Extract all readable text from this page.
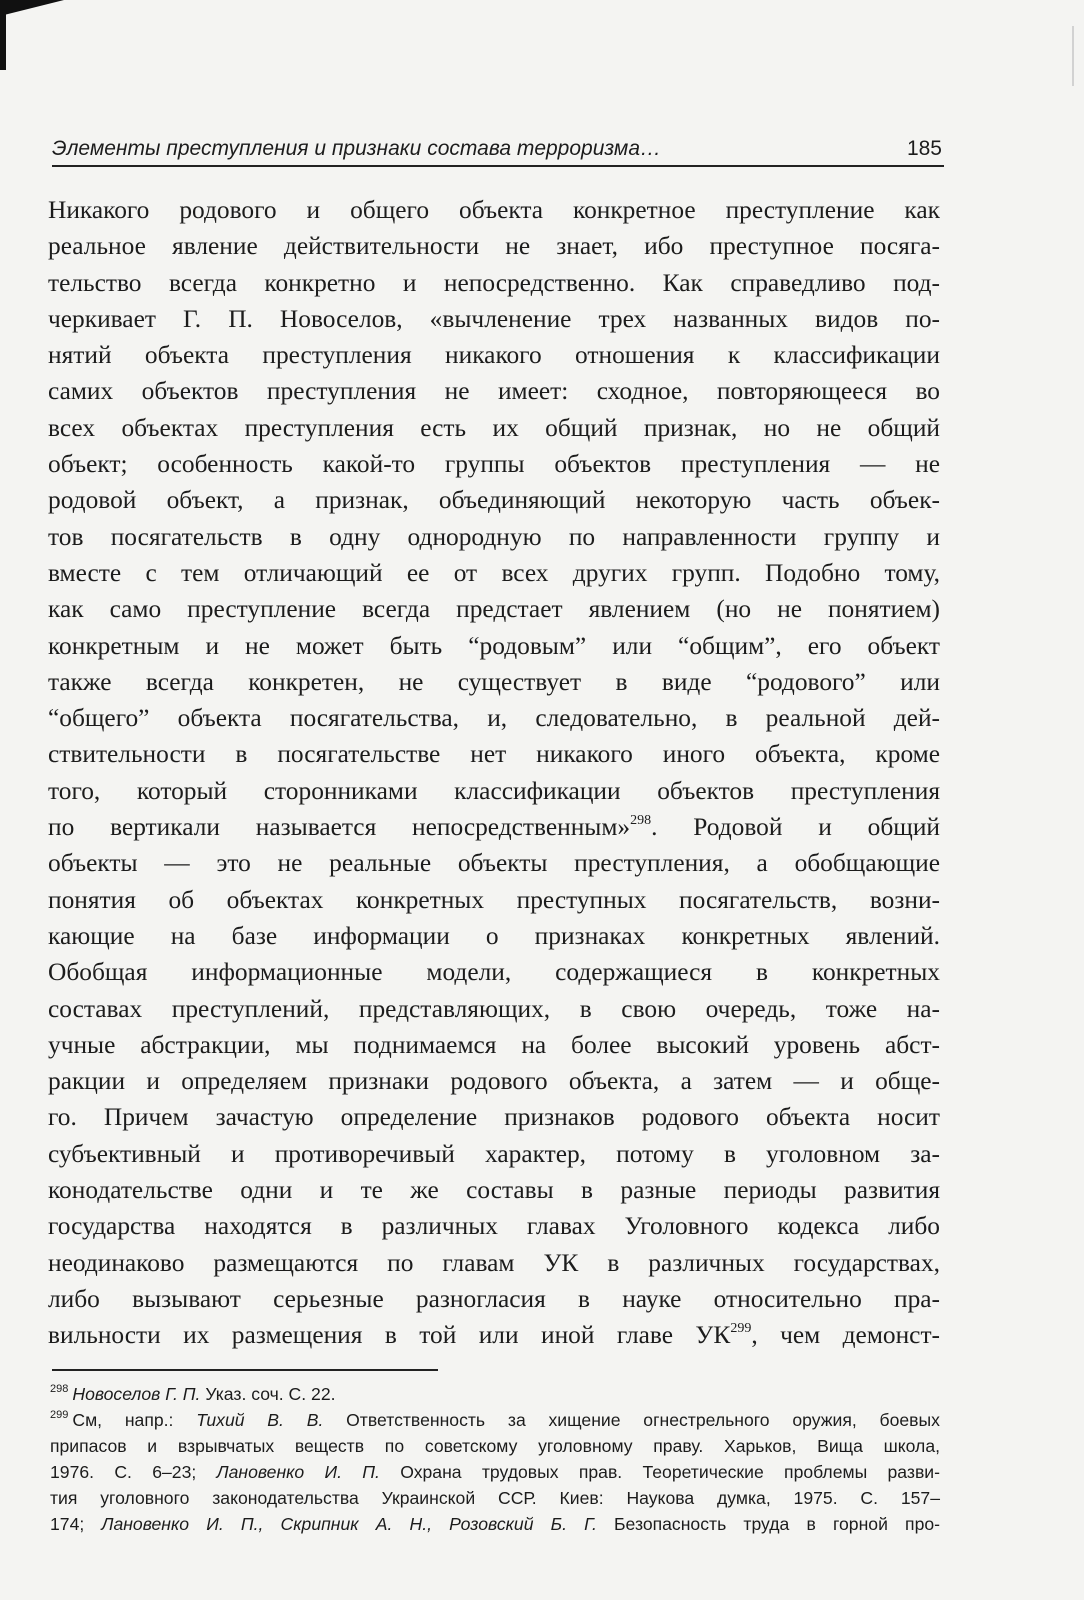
Элементы преступления и признаки состава терроризма…	185
Никакого родового и общего объекта конкретное преступление как
реальное явление действительности не знает, ибо преступное посяга-
тельство всегда конкретно и непосредственно. Как справедливо под-
черкивает Г. П. Новоселов, «вычленение трех названных видов по-
нятий объекта преступления никакого отношения к классификации
самих объектов преступления не имеет: сходное, повторяющееся во
всех объектах преступления есть их общий признак, но не общий
объект; особенность какой-то группы объектов преступления — не
родовой объект, а признак, объединяющий некоторую часть объек-
тов посягательств в одну однородную по направленности группу и
вместе с тем отличающий ее от всех других групп. Подобно тому,
как само преступление всегда предстает явлением (но не понятием)
конкретным и не может быть “родовым” или “общим”, его объект
также всегда конкретен, не существует в виде “родового” или
“общего” объекта посягательства, и, следовательно, в реальной дей-
ствительности в посягательстве нет никакого иного объекта, кроме
того, который сторонниками классификации объектов преступления
по вертикали называется непосредственным»$^{298}$. Родовой и общий
объекты — это не реальные объекты преступления, а обобщающие
понятия об объектах конкретных преступных посягательств, возни-
кающие на базе информации о признаках конкретных явлений.
Обобщая информационные модели, содержащиеся в конкретных
составах преступлений, представляющих, в свою очередь, тоже на-
учные абстракции, мы поднимаемся на более высокий уровень абст-
ракции и определяем признаки родового объекта, а затем — и обще-
го. Причем зачастую определение признаков родового объекта носит
субъективный и противоречивый характер, потому в уголовном за-
конодательстве одни и те же составы в разные периоды развития
государства находятся в различных главах Уголовного кодекса либо
неодинаково размещаются по главам УК в различных государствах,
либо вызывают серьезные разногласия в науке относительно пра-
вильности их размещения в той или иной главе УК$^{299}$, чем демонст-
$^{298}$ Новоселов Г. П. Указ. соч. С. 22.
$^{299}$ См, напр.: Тихий В. В. Ответственность за хищение огнестрельного оружия, боевых
припасов и взрывчатых веществ по советскому уголовному праву. Харьков, Вища школа,
1976. С. 6–23; Лановенко И. П. Охрана трудовых прав. Теоретические проблемы разви-
тия уголовного законодательства Украинской ССР. Киев: Наукова думка, 1975. С. 157–
174; Лановенко И. П., Скрипник А. Н., Розовский Б. Г. Безопасность труда в горной про-
